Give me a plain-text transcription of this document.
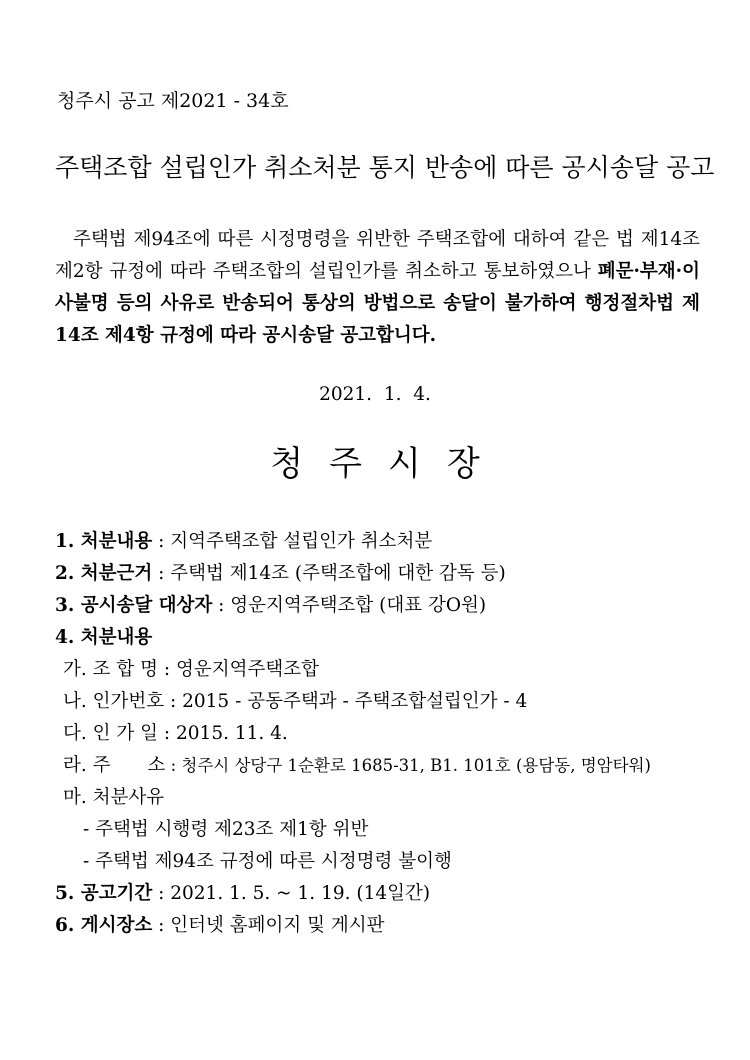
청주시 공고 제2021 - 34호
주택조합 설립인가 취소처분 통지 반송에 따른 공시송달 공고
주택법 제94조에 따른 시정명령을 위반한 주택조합에 대하여 같은 법 제14조 제2항 규정에 따라 주택조합의 설립인가를 취소하고 통보하였으나 폐문·부재·이사불명 등의 사유로 반송되어 통상의 방법으로 송달이 불가하여 행정절차법 제14조 제4항 규정에 따라 공시송달 공고합니다.
2021.  1.  4.
청주시장
1. 처분내용 : 지역주택조합 설립인가 취소처분
2. 처분근거 : 주택법 제14조 (주택조합에 대한 감독 등)
3. 공시송달 대상자 : 영운지역주택조합 (대표 강O원)
4. 처분내용
가. 조 합 명 : 영운지역주택조합
나. 인가번호 : 2015 - 공동주택과 - 주택조합설립인가 - 4
다. 인 가 일 : 2015. 11. 4.
라. 주　　소 : 청주시 상당구 1순환로 1685-31, B1. 101호 (용담동, 명암타워)
마. 처분사유
- 주택법 시행령 제23조 제1항 위반
- 주택법 제94조 규정에 따른 시정명령 불이행
5. 공고기간 : 2021. 1. 5. ~ 1. 19. (14일간)
6. 게시장소 : 인터넷 홈페이지 및 게시판
